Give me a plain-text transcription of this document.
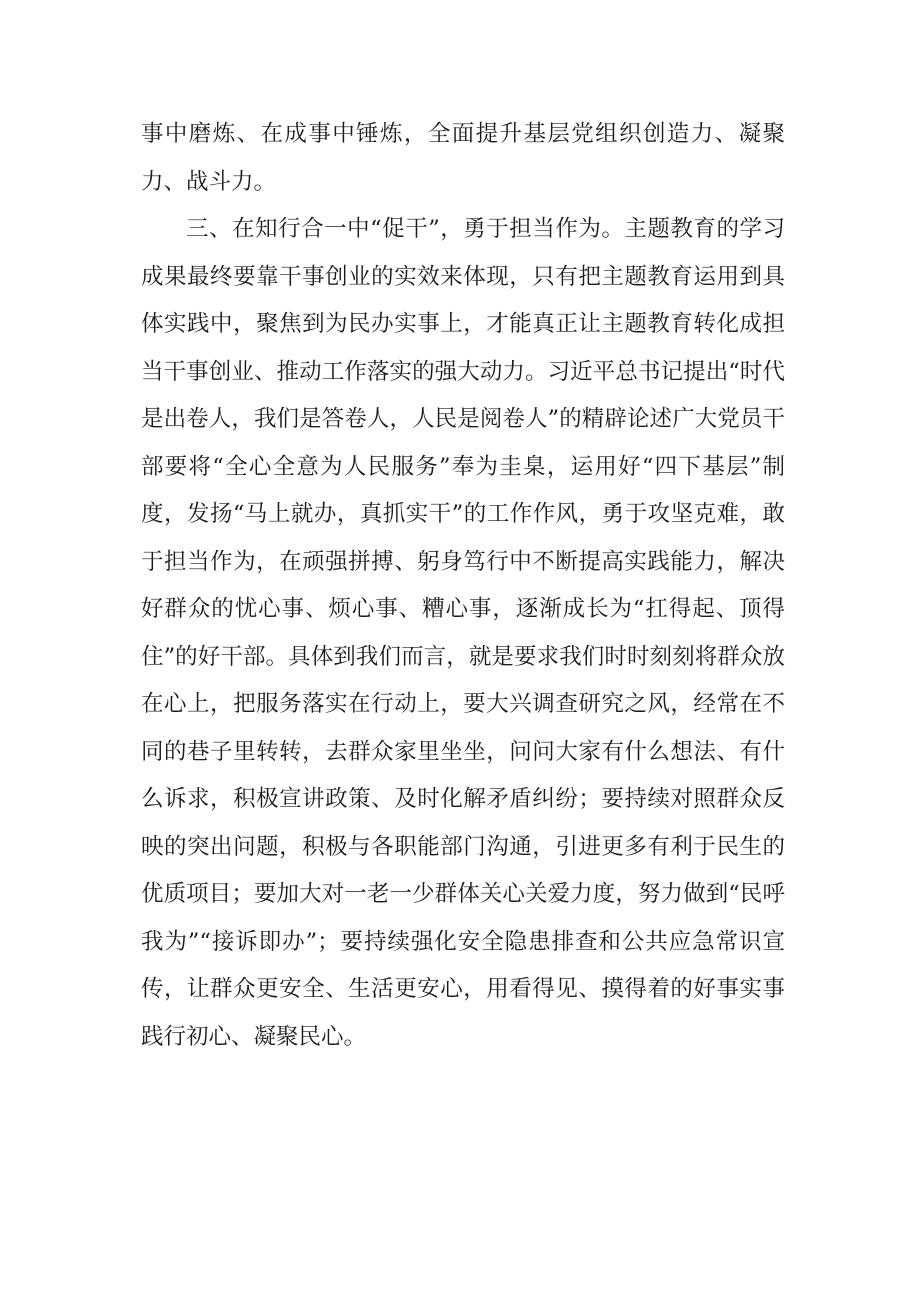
事中磨炼、在成事中锤炼，全面提升基层党组织创造力、凝聚力、战斗力。

三、在知行合一中“促干”，勇于担当作为。主题教育的学习成果最终要靠干事创业的实效来体现，只有把主题教育运用到具体实践中，聚焦到为民办实事上，才能真正让主题教育转化成担当干事创业、推动工作落实的强大动力。习近平总书记提出“时代是出卷人，我们是答卷人，人民是阅卷人”的精辟论述广大党员干部要将“全心全意为人民服务”奉为圭臬，运用好“四下基层”制度，发扬“马上就办，真抓实干”的工作作风，勇于攻坚克难，敢于担当作为，在顽强拼搏、躬身笃行中不断提高实践能力，解决好群众的忧心事、烦心事、糟心事，逐渐成长为“扛得起、顶得住”的好干部。具体到我们而言，就是要求我们时时刻刻将群众放在心上，把服务落实在行动上，要大兴调查研究之风，经常在不同的巷子里转转，去群众家里坐坐，问问大家有什么想法、有什么诉求，积极宣讲政策、及时化解矛盾纠纷；要持续对照群众反映的突出问题，积极与各职能部门沟通，引进更多有利于民生的优质项目；要加大对一老一少群体关心关爱力度，努力做到“民呼我为”“接诉即办”；要持续强化安全隐患排查和公共应急常识宣传，让群众更安全、生活更安心，用看得见、摸得着的好事实事践行初心、凝聚民心。
